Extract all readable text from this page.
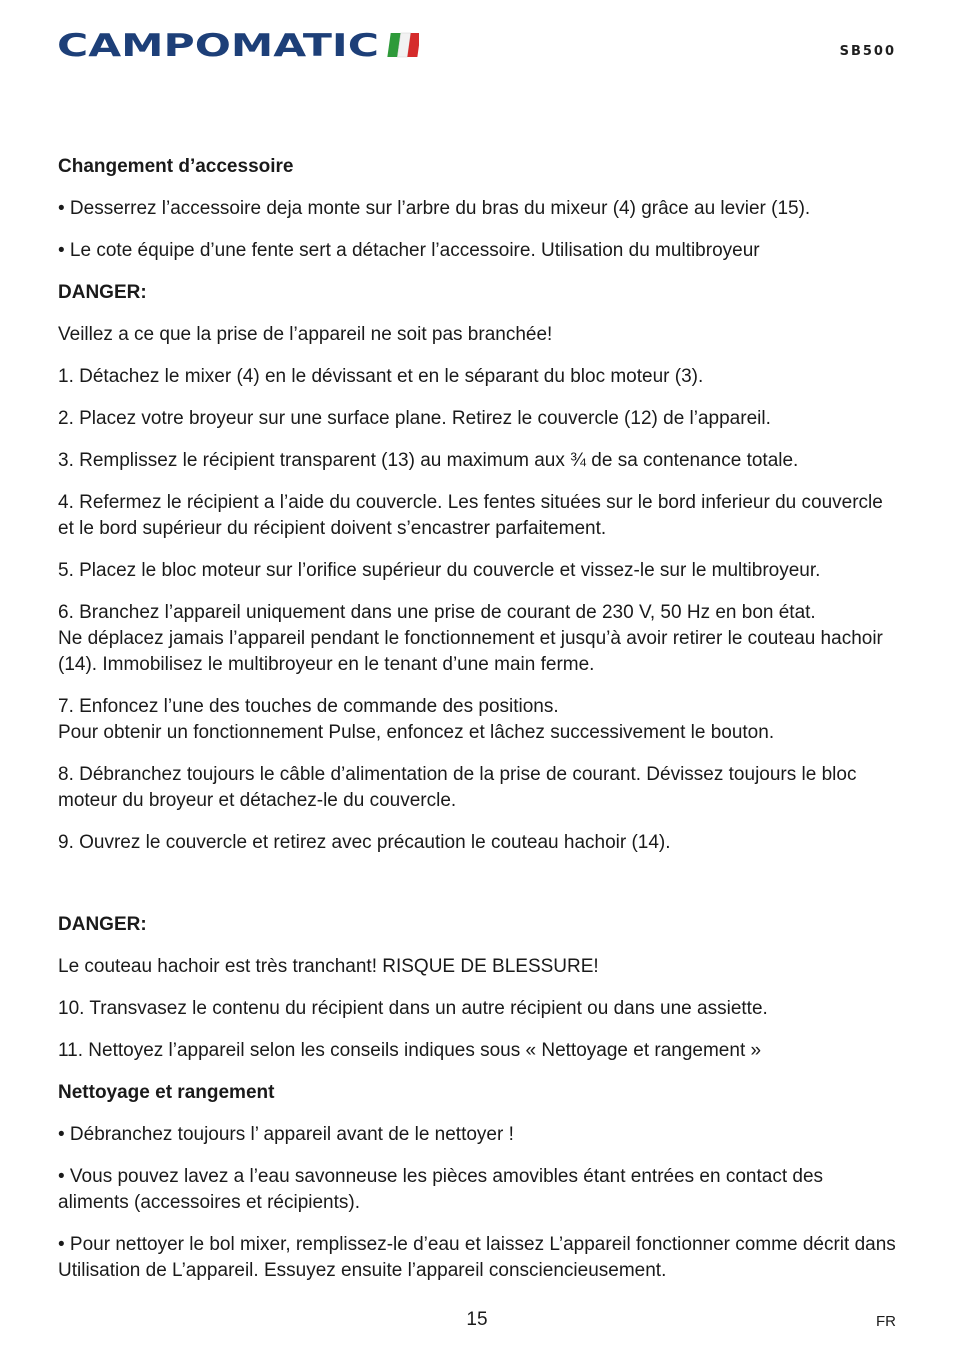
CAMPOMATIC	SB500

Changement d’accessoire

• Desserrez l’accessoire deja monte sur l’arbre du bras du mixeur (4) grâce au levier (15).

• Le cote équipe d’une fente sert a détacher l’accessoire. Utilisation du multibroyeur

DANGER:

Veillez a ce que la prise de l’appareil ne soit pas branchée!

1. Détachez le mixer (4) en le dévissant et en le séparant du bloc moteur (3).

2. Placez votre broyeur sur une surface plane. Retirez le couvercle (12) de l’appareil.

3. Remplissez le récipient transparent (13) au maximum aux ¾ de sa contenance totale.

4. Refermez le récipient a l’aide du couvercle. Les fentes situées sur le bord inferieur du couvercle et le bord supérieur du récipient doivent s’encastrer parfaitement.

5. Placez le bloc moteur sur l’orifice supérieur du couvercle et vissez-le sur le multibroyeur.

6. Branchez l’appareil uniquement dans une prise de courant de 230 V, 50 Hz en bon état.
Ne déplacez jamais l’appareil pendant le fonctionnement et jusqu’à avoir retirer le couteau hachoir (14). Immobilisez le multibroyeur en le tenant d’une main ferme.

7. Enfoncez l’une des touches de commande des positions.
Pour obtenir un fonctionnement Pulse, enfoncez et lâchez successivement le bouton.

8. Débranchez toujours le câble d’alimentation de la prise de courant. Dévissez toujours le bloc moteur du broyeur et détachez-le du couvercle.

9. Ouvrez le couvercle et retirez avec précaution le couteau hachoir (14).

DANGER:

Le couteau hachoir est très tranchant! RISQUE DE BLESSURE!

10. Transvasez le contenu du récipient dans un autre récipient ou dans une assiette.

11. Nettoyez l’appareil selon les conseils indiques sous « Nettoyage et rangement »

Nettoyage et rangement

• Débranchez toujours l’ appareil avant de le nettoyer !

• Vous pouvez lavez a l’eau savonneuse les pièces amovibles étant entrées en contact des aliments (accessoires et récipients).

• Pour nettoyer le bol mixer, remplissez-le d’eau et laissez L’appareil fonctionner comme décrit dans Utilisation de L’appareil. Essuyez ensuite l’appareil consciencieusement.

15	FR
